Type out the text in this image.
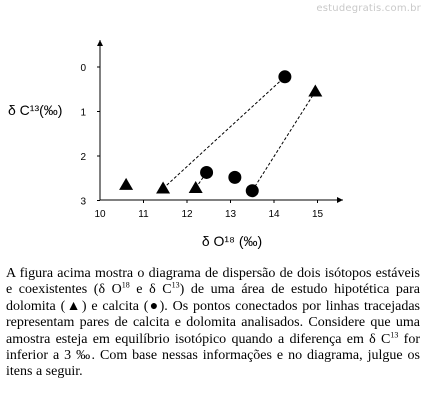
estudegratis.com.br
10	11	12	13	14	15
0
1
2
3
δ O¹⁸ (‰)
δ C¹³(‰)

A figura acima mostra o diagrama de dispersão de dois isótopos estáveis e coexistentes (δ $O^{18}$ e δ $C^{13}$) de uma área de estudo hipotética para dolomita (▲) e calcita (●). Os pontos conectados por linhas tracejadas representam pares de calcita e dolomita analisados. Considere que uma amostra esteja em equilíbrio isotópico quando a diferença em δ $C^{13}$ for inferior a 3 ‰. Com base nessas informações e no diagrama, julgue os itens a seguir.
